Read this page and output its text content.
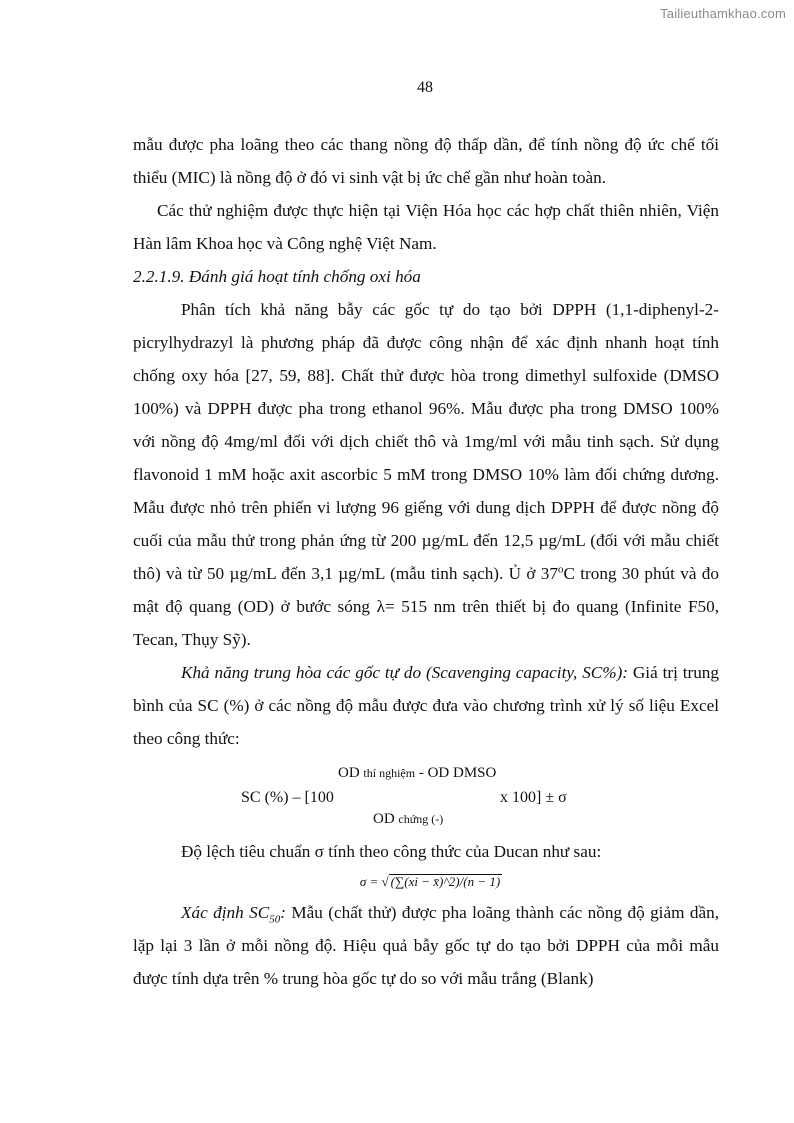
Tailieuthamkhao.com
48

mẫu được pha loãng theo các thang nồng độ thấp dần, để tính nồng độ ức chế tối thiểu (MIC) là nồng độ ở đó vi sinh vật bị ức chế gần như hoàn toàn.

Các thử nghiệm được thực hiện tại Viện Hóa học các hợp chất thiên nhiên, Viện Hàn lâm Khoa học và Công nghệ Việt Nam.

2.2.1.9. Đánh giá hoạt tính chống oxi hóa

Phân tích khả năng bẫy các gốc tự do tạo bởi DPPH (1,1-diphenyl-2-picrylhydrazyl là phương pháp đã được công nhận để xác định nhanh hoạt tính chống oxy hóa [27, 59, 88]. Chất thử được hòa trong dimethyl sulfoxide (DMSO 100%) và DPPH được pha trong ethanol 96%. Mẫu được pha trong DMSO 100% với nồng độ 4mg/ml đối với dịch chiết thô và 1mg/ml với mẫu tinh sạch. Sử dụng flavonoid 1 mM hoặc axit ascorbic 5 mM trong DMSO 10% làm đối chứng dương. Mẫu được nhỏ trên phiến vi lượng 96 giếng với dung dịch DPPH để được nồng độ cuối của mẫu thử trong phản ứng từ 200 µg/mL đến 12,5 µg/mL (đối với mẫu chiết thô) và từ 50 µg/mL đến 3,1 µg/mL (mẫu tinh sạch). Ủ ở 37$^o$C trong 30 phút và đo mật độ quang (OD) ở bước sóng λ= 515 nm trên thiết bị đo quang (Infinite F50, Tecan, Thụy Sỹ).

Khả năng trung hòa các gốc tự do (Scavenging capacity, SC%): Giá trị trung bình của SC (%) ở các nồng độ mẫu được đưa vào chương trình xử lý số liệu Excel theo công thức:

OD thí nghiệm - OD DMSO
SC (%) – [100	x 100] ± σ
OD chứng (-)

Độ lệch tiêu chuẩn σ tính theo công thức của Ducan như sau:

σ = √ (∑(xi − x̄)^2)/(n − 1)

Xác định $SC_{50}$: Mẫu (chất thử) được pha loãng thành các nồng độ giảm dần, lặp lại 3 lần ở mỗi nồng độ. Hiệu quả bẫy gốc tự do tạo bởi DPPH của mỗi mẫu được tính dựa trên % trung hòa gốc tự do so với mẫu trắng (Blank)
